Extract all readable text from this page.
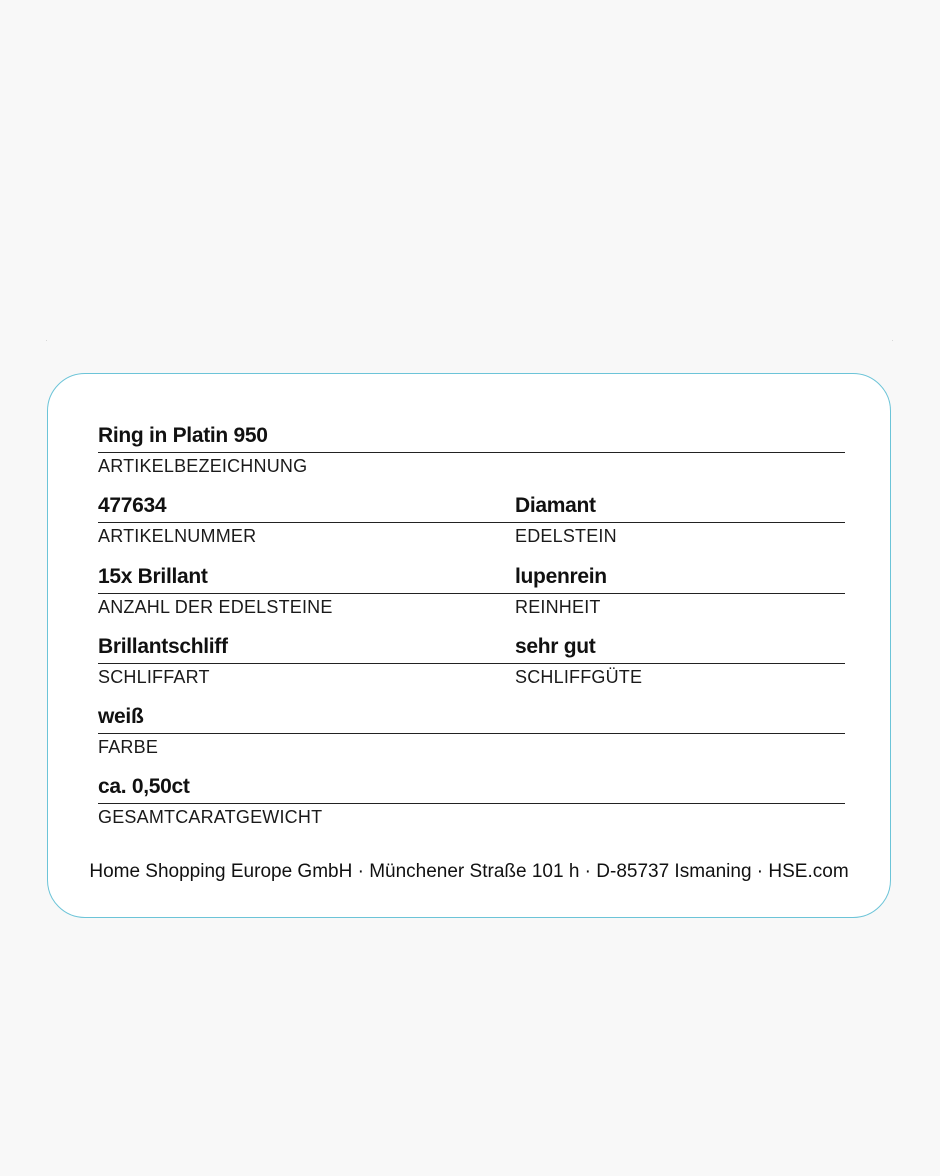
Ring in Platin 950
ARTIKELBEZEICHNUNG
477634
ARTIKELNUMMER
Diamant
EDELSTEIN
15x Brillant
ANZAHL DER EDELSTEINE
lupenrein
REINHEIT
Brillantschliff
SCHLIFFART
sehr gut
SCHLIFFGÜTE
weiß
FARBE
ca. 0,50ct
GESAMTCARATGEWICHT
Home Shopping Europe GmbH · Münchener Straße 101 h · D-85737 Ismaning · HSE.com
